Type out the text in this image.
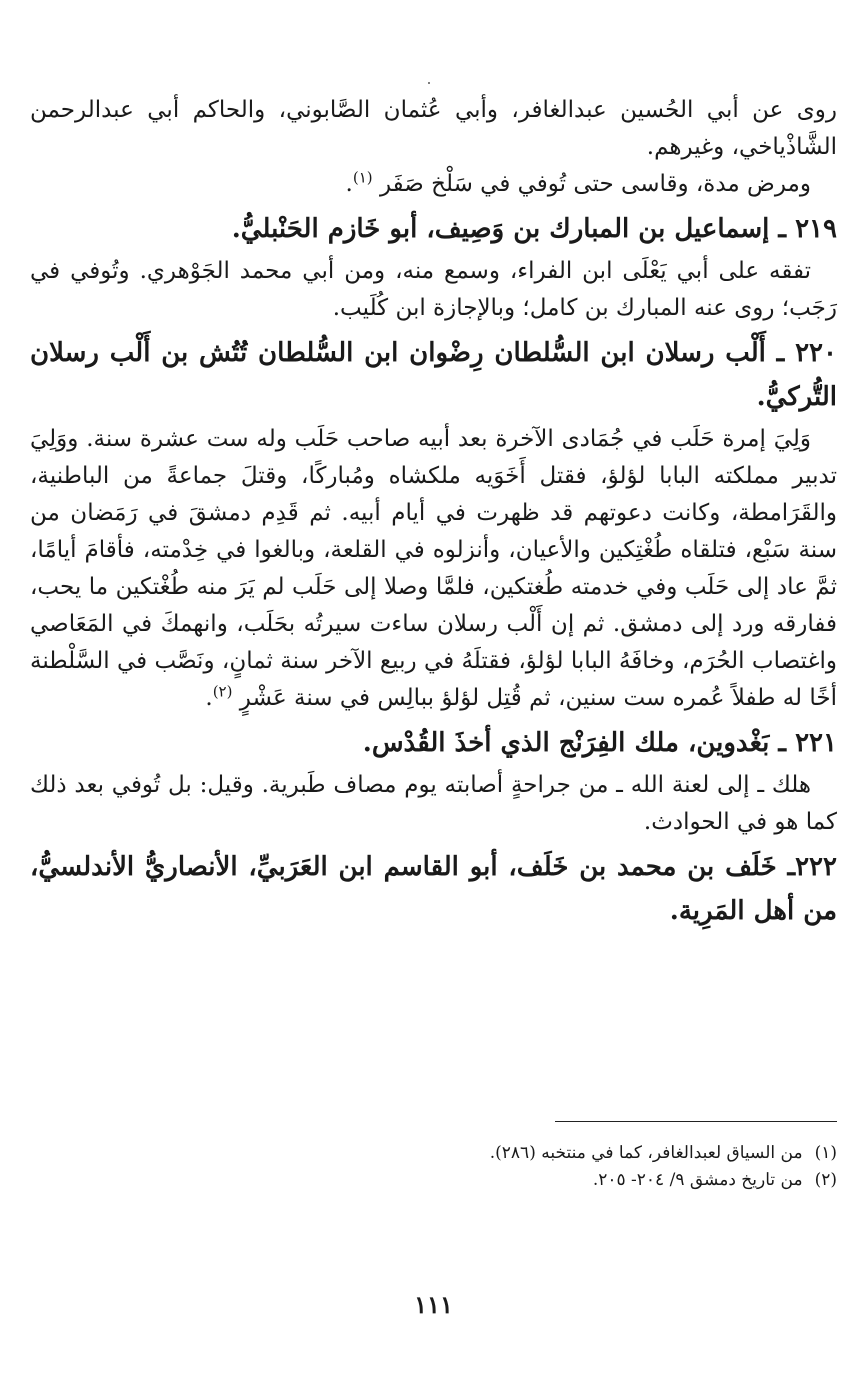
روى عن أبي الحُسين عبدالغافر، وأبي عُثمان الصَّابوني، والحاكم أبي عبدالرحمن الشَّاذْياخي، وغيرهم.

ومرض مدة، وقاسى حتى تُوفي في سَلْخ صَفَر $^{(١)}$.

٢١٩ ـ إسماعيل بن المبارك بن وَصِيف، أبو خَازم الحَنْبليُّ.

تفقه على أبي يَعْلَى ابن الفراء، وسمع منه، ومن أبي محمد الجَوْهري. وتُوفي في رَجَب؛ روى عنه المبارك بن كامل؛ وبالإجازة ابن كُلَيب.

٢٢٠ ـ أَلْب رسلان ابن السُّلطان رِضْوان ابن السُّلطان تُتُش بن أَلْب رسلان التُّركيُّ.

وَلِيَ إمرة حَلَب في جُمَادى الآخرة بعد أبيه صاحب حَلَب وله ست عشرة سنة. ووَلِيَ تدبير مملكته البابا لؤلؤ، فقتل أَخَوَيه ملكشاه ومُباركًا، وقتلَ جماعةً من الباطنية، والقَرَامطة، وكانت دعوتهم قد ظهرت في أيام أبيه. ثم قَدِم دمشقَ في رَمَضان من سنة سَبْع، فتلقاه طُغْتِكين والأعيان، وأنزلوه في القلعة، وبالغوا في خِدْمته، فأقامَ أيامًا، ثمَّ عاد إلى حَلَب وفي خدمته طُغتكين، فلمَّا وصلا إلى حَلَب لم يَرَ منه طُغْتكين ما يحب، ففارقه ورد إلى دمشق. ثم إن أَلْب رسلان ساءت سيرتُه بحَلَب، وانهمكَ في المَعَاصي واغتصاب الحُرَم، وخافَهُ البابا لؤلؤ، فقتلَهُ في ربيع الآخر سنة ثمانٍ، ونَصَّب في السَّلْطنة أخًا له طفلاً عُمره ست سنين، ثم قُتِل لؤلؤ ببالِس في سنة عَشْرٍ $^{(٢)}$.

٢٢١ ـ بَغْدوين، ملك الفِرَنْج الذي أخذَ القُدْس.

هلك ـ إلى لعنة الله ـ من جراحةٍ أصابته يوم مصاف طَبرية. وقيل: بل تُوفي بعد ذلك كما هو في الحوادث.

٢٢٢ـ خَلَف بن محمد بن خَلَف، أبو القاسم ابن العَرَبيِّ، الأنصاريُّ الأندلسيُّ، من أهل المَرِية.

(١)من السياق لعبدالغافر، كما في منتخبه (٢٨٦).

(٢)من تاريخ دمشق ٩/ ٢٠٤- ٢٠٥.

١١١
